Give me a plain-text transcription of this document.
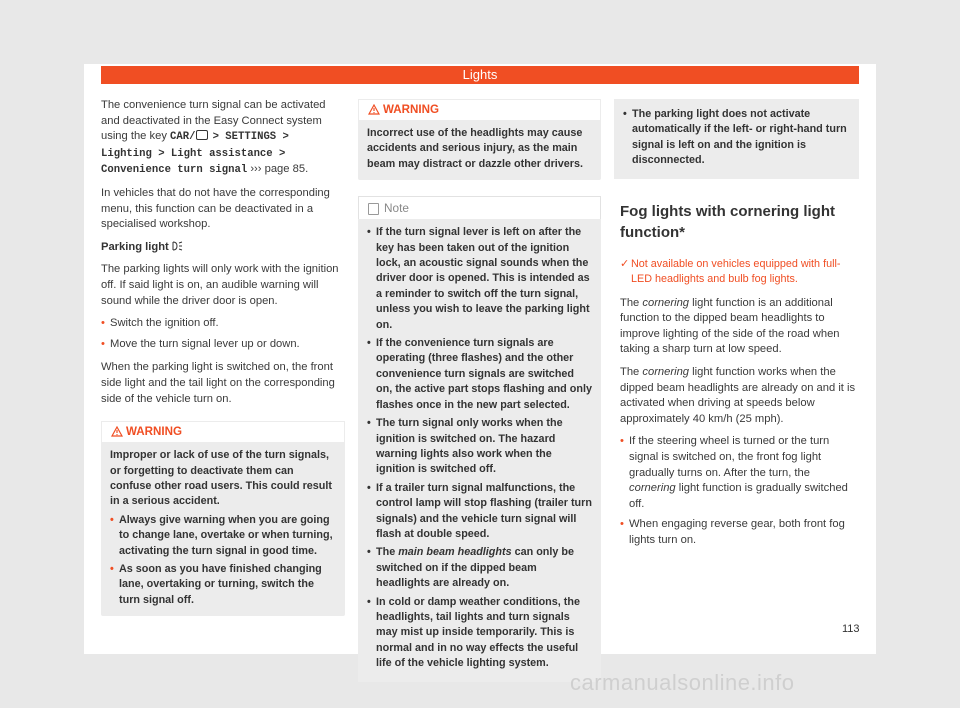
Lights

The convenience turn signal can be activated and deactivated in the Easy Connect system using the key CAR/ > SETTINGS > Lighting > Light assistance > Convenience turn signal ››› page 85.

In vehicles that do not have the corresponding menu, this function can be deactivated in a specialised workshop.

Parking light

The parking lights will only work with the ignition off. If said light is on, an audible warning will sound while the driver door is open.

• Switch the ignition off.
• Move the turn signal lever up or down.

When the parking light is switched on, the front side light and the tail light on the corresponding side of the vehicle turn on.

WARNING
Improper or lack of use of the turn signals, or forgetting to deactivate them can confuse other road users. This could result in a serious accident.
• Always give warning when you are going to change lane, overtake or when turning, activating the turn signal in good time.
• As soon as you have finished changing lane, overtaking or turning, switch the turn signal off.
WARNING
Incorrect use of the headlights may cause accidents and serious injury, as the main beam may distract or dazzle other drivers.
Note
• If the turn signal lever is left on after the key has been taken out of the ignition lock, an acoustic signal sounds when the driver door is opened. This is intended as a reminder to switch off the turn signal, unless you wish to leave the parking light on.
• If the convenience turn signals are operating (three flashes) and the other convenience turn signals are switched on, the active part stops flashing and only flashes once in the new part selected.
• The turn signal only works when the ignition is switched on. The hazard warning lights also work when the ignition is switched off.
• If a trailer turn signal malfunctions, the control lamp will stop flashing (trailer turn signals) and the vehicle turn signal will flash at double speed.
• The main beam headlights can only be switched on if the dipped beam headlights are already on.
• In cold or damp weather conditions, the headlights, tail lights and turn signals may mist up inside temporarily. This is normal and in no way effects the useful life of the vehicle lighting system.
• The parking light does not activate automatically if the left- or right-hand turn signal is left on and the ignition is disconnected.
Fog lights with cornering light function*
✓ Not available on vehicles equipped with full-LED headlights and bulb fog lights.

The cornering light function is an additional function to the dipped beam headlights to improve lighting of the side of the road when taking a sharp turn at low speed.

The cornering light function works when the dipped beam headlights are already on and it is activated when driving at speeds below approximately 40 km/h (25 mph).

• If the steering wheel is turned or the turn signal is switched on, the front fog light gradually turns on. After the turn, the cornering light function is gradually switched off.
• When engaging reverse gear, both front fog lights turn on.
113
carmanualsonline.info
